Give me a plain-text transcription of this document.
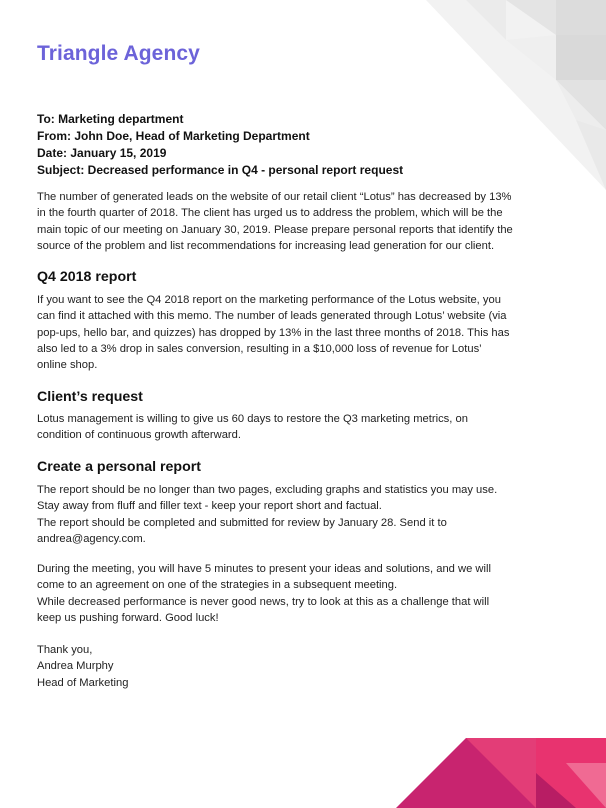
Triangle Agency
To: Marketing department
From: John Doe, Head of Marketing Department
Date: January 15, 2019
Subject: Decreased performance in Q4 - personal report request

The number of generated leads on the website of our retail client “Lotus” has decreased by 13%

in the fourth quarter of 2018. The client has urged us to address the problem, which will be the

main topic of our meeting on January 30, 2019. Please prepare personal reports that identify the

source of the problem and list recommendations for increasing lead generation for our client.

Q4 2018 report

If you want to see the Q4 2018 report on the marketing performance of the Lotus website, you

can find it attached with this memo. The number of leads generated through Lotus’ website (via

pop-ups, hello bar, and quizzes) has dropped by 13% in the last three months of 2018. This has

also led to a 3% drop in sales conversion, resulting in a $10,000 loss of revenue for Lotus’

online shop.

Client’s request

Lotus management is willing to give us 60 days to restore the Q3 marketing metrics, on

condition of continuous growth afterward.

Create a personal report

The report should be no longer than two pages, excluding graphs and statistics you may use.

Stay away from fluff and filler text - keep your report short and factual.

The report should be completed and submitted for review by January 28. Send it to

andrea@agency.com.

During the meeting, you will have 5 minutes to present your ideas and solutions, and we will

come to an agreement on one of the strategies in a subsequent meeting.

While decreased performance is never good news, try to look at this as a challenge that will

keep us pushing forward. Good luck!

Thank you,

Andrea Murphy

Head of Marketing
